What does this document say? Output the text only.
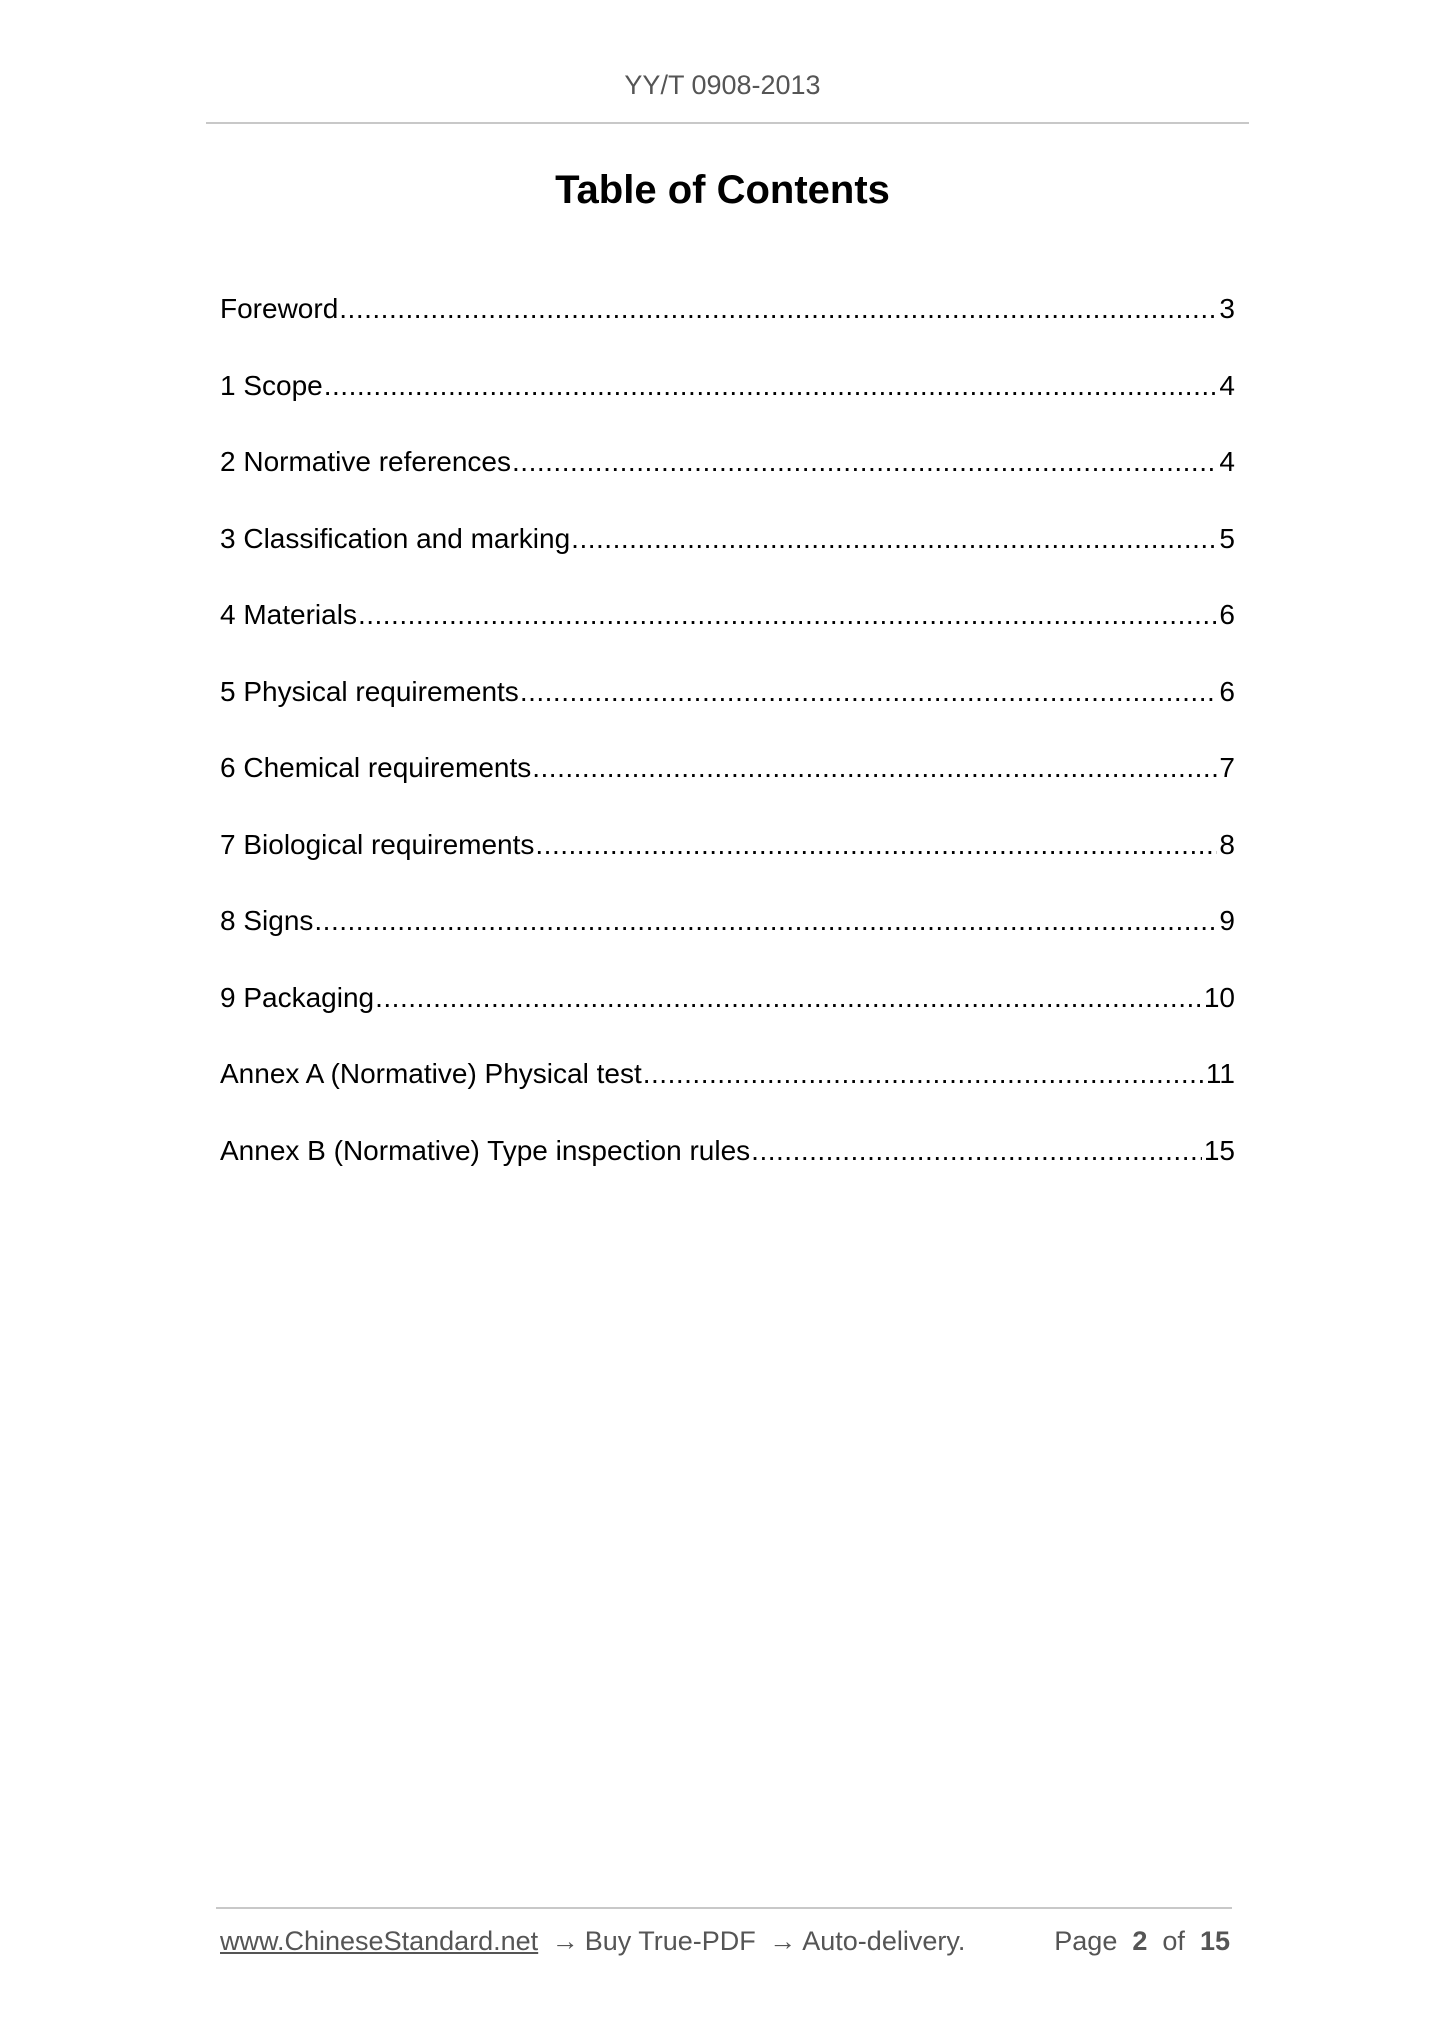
YY/T 0908-2013
Table of Contents
Foreword .....	3
1 Scope .....	4
2 Normative references .....	4
3 Classification and marking .....	5
4 Materials .....	6
5 Physical requirements .....	6
6 Chemical requirements .....	7
7 Biological requirements .....	8
8 Signs .....	9
9 Packaging .....	10
Annex A (Normative) Physical test .....	11
Annex B (Normative) Type inspection rules .....	15
www.ChineseStandard.net → Buy True-PDF → Auto-delivery.	Page 2 of 15
